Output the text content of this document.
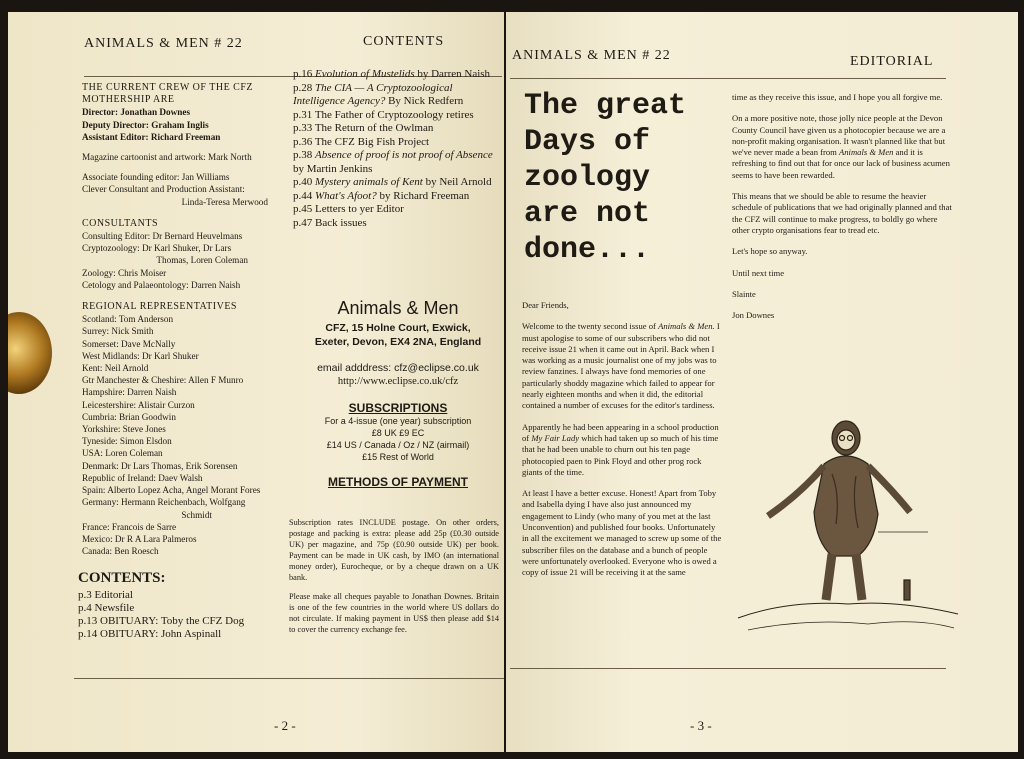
ANIMALS & MEN # 22	CONTENTS

THE CURRENT CREW OF THE CFZ MOTHERSHIP ARE

Director: Jonathan Downes

Deputy Director: Graham Inglis

Assistant Editor: Richard Freeman

Magazine cartoonist and artwork: Mark North

Associate founding editor: Jan Williams

Clever Consultant and Production Assistant:

Linda-Teresa Merwood

CONSULTANTS

Consulting Editor: Dr Bernard Heuvelmans

Cryptozoology: Dr Karl Shuker, Dr Lars

Thomas, Loren Coleman

Zoology: Chris Moiser

Cetology and Palaeontology: Darren Naish

REGIONAL REPRESENTATIVES

Scotland: Tom Anderson

Surrey: Nick Smith

Somerset: Dave McNally

West Midlands: Dr Karl Shuker

Kent: Neil Arnold

Gtr Manchester & Cheshire: Allen F Munro

Hampshire: Darren Naish

Leicestershire: Alistair Curzon

Cumbria: Brian Goodwin

Yorkshire: Steve Jones

Tyneside: Simon Elsdon

USA: Loren Coleman

Denmark: Dr Lars Thomas, Erik Sorensen

Republic of Ireland: Daev Walsh

Spain: Alberto Lopez Acha, Angel Morant Fores

Germany: Hermann Reichenbach, Wolfgang

Schmidt

France: Francois de Sarre

Mexico: Dr R A Lara Palmeros

Canada: Ben Roesch

CONTENTS:
p.3 Editorial
p.4 Newsfile
p.13 OBITUARY: Toby the CFZ Dog
p.14 OBITUARY: John Aspinall

p.16 Evolution of Mustelids by Darren Naish

p.28 The CIA — A Cryptozoological Intelligence Agency? By Nick Redfern

p.31 The Father of Cryptozoology retires

p.33 The Return of the Owlman

p.36 The CFZ Big Fish Project

p.38 Absence of proof is not proof of Absence by Martin Jenkins

p.40 Mystery animals of Kent by Neil Arnold

p.44 What's Afoot? by Richard Freeman

p.45 Letters to yer Editor

p.47 Back issues

Animals & Men
CFZ, 15 Holne Court, Exwick,
Exeter, Devon, EX4 2NA, England
email adddress: cfz@eclipse.co.uk
http://www.eclipse.co.uk/cfz
SUBSCRIPTIONS
For a 4-issue (one year) subscription
£8 UK £9 EC
£14 US / Canada / Oz / NZ (airmail)
£15 Rest of World
METHODS OF PAYMENT

Subscription rates INCLUDE postage. On other orders, postage and packing is extra: please add 25p (£0.30 outside UK) per magazine, and 75p (£0.90 outside UK) per book. Payment can be made in UK cash, by IMO (an international money order), Eurocheque, or by a cheque drawn on a UK bank.

Please make all cheques payable to Jonathan Downes. Britain is one of the few countries in the world where US dollars do not circulate. If making payment in US$ then please add $14 to cover the currency exchange fee.

- 2 -
ANIMALS & MEN # 22	EDITORIAL
The great
Days of
zoology
are not
done...

Dear Friends,

Welcome to the twenty second issue of Animals & Men. I must apologise to some of our subscribers who did not receive issue 21 when it came out in April. Back when I was working as a music journalist one of my jobs was to review fanzines. I always have fond memories of one particularly shoddy magazine which failed to appear for nearly eighteen months and when it did, the editorial contained a number of excuses for the editor's tardiness.

Apparently he had been appearing in a school production of My Fair Lady which had taken up so much of his time that he had been unable to churn out his ten page photocopied paen to Pink Floyd and other prog rock giants of the time.

At least I have a better excuse. Honest! Apart from Toby and Isabella dying I have also just announced my engagement to Lindy (who many of you met at the last Unconvention) and published four books. Unfortunately in all the excitement we managed to screw up some of the subscriber files on the database and a bunch of people were unfortunately overlooked. Everyone who is owed a copy of issue 21 will be receiving it at the same

time as they receive this issue, and I hope you all forgive me.

On a more positive note, those jolly nice people at the Devon County Council have given us a photocopier because we are a non-profit making organisation. It wasn't planned like that but we've never made a bean from Animals & Men and it is refreshing to find out that for once our lack of business acumen seems to have been rewarded.

This means that we should be able to resume the heavier schedule of publications that we had originally planned and that the CFZ will continue to make progress, to boldly go where other crypto organisations fear to tread etc.

Let's hope so anyway.

Until next time

Slainte

Jon Downes

- 3 -
